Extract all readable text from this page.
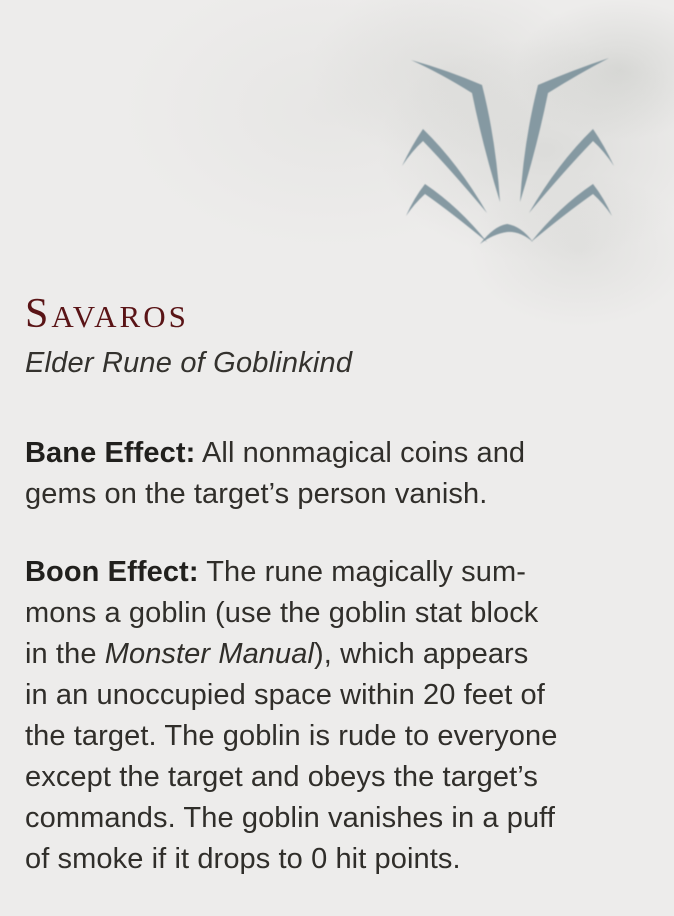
SAVAROS
Elder Rune of Goblinkind

Bane Effect: All nonmagical coins and
gems on the target’s person vanish.

Boon Effect: The rune magically sum-
mons a goblin (use the goblin stat block
in the Monster Manual), which appears
in an unoccupied space within 20 feet of
the target. The goblin is rude to everyone
except the target and obeys the target’s
commands. The goblin vanishes in a puff
of smoke if it drops to 0 hit points.
